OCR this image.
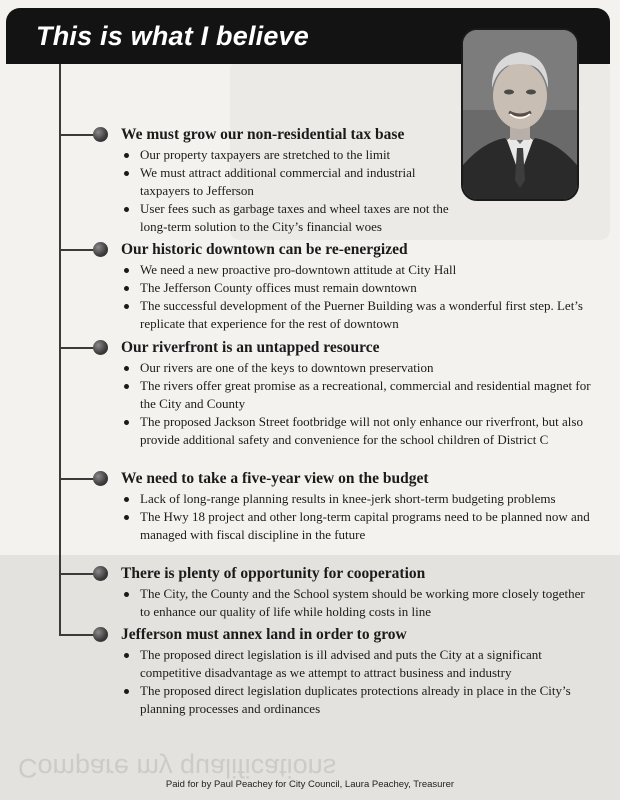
This is what I believe
We must grow our non-residential tax base
Our property taxpayers are stretched to the limit
We must attract additional commercial and industrial taxpayers to Jefferson
User fees such as garbage taxes and wheel taxes are not the long-term solution to the City’s financial woes
Our historic downtown can be re-energized
We need a new proactive pro-downtown attitude at City Hall
The Jefferson County offices must remain downtown
The successful development of the Puerner Building was a wonderful first step. Let’s replicate that experience for the rest of downtown
Our riverfront is an untapped resource
Our rivers are one of the keys to downtown preservation
The rivers offer great promise as a recreational, commercial and residential magnet for the City and County
The proposed Jackson Street footbridge will not only enhance our riverfront, but also provide additional safety and convenience for the school children of District C
We need to take a five-year view on the budget
Lack of long-range planning results in knee-jerk short-term budgeting problems
The Hwy 18 project and other long-term capital programs need to be planned now and managed with fiscal discipline in the future
There is plenty of opportunity for cooperation
The City, the County and the School system should be working more closely together to enhance our quality of life while holding costs in line
Jefferson must annex land in order to grow
The proposed direct legislation is ill advised and puts the City at a significant competitive disadvantage as we attempt to attract business and industry
The proposed direct legislation duplicates protections already in place in the City’s planning processes and ordinances
Compare my qualifications
Paid for by Paul Peachey for City Council, Laura Peachey, Treasurer
